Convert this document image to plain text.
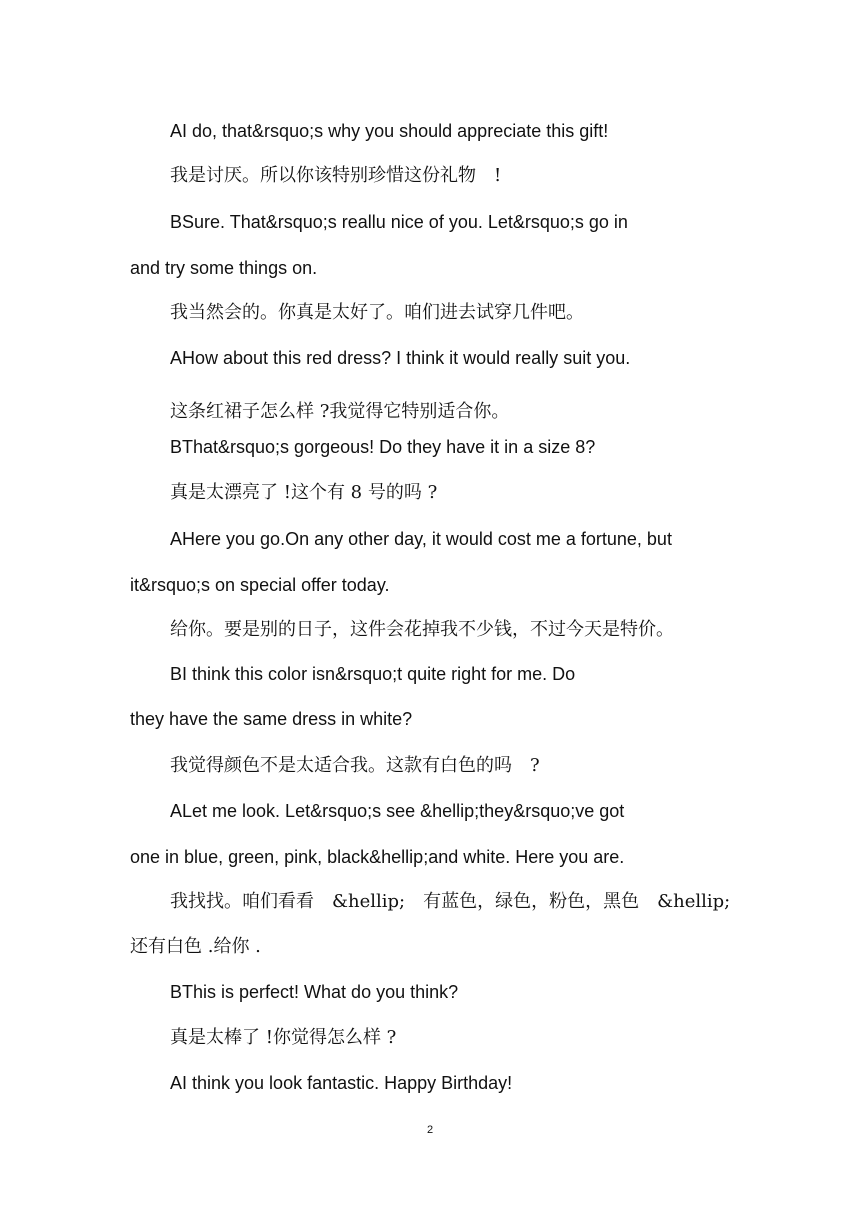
AI do, that&rsquo;s why you should appreciate this gift!
我是讨厌。所以你该特别珍惜这份礼物　!
BSure. That&rsquo;s reallu nice of you. Let&rsquo;s go in
and try some things on.
我当然会的。你真是太好了。咱们进去试穿几件吧。
AHow about this red dress? I think it would really suit you.
这条红裙子怎么样 ?我觉得它特别适合你。
BThat&rsquo;s gorgeous! Do they have it in a size 8?
真是太漂亮了 !这个有 8 号的吗 ?
AHere you go.On any other day, it would cost me a fortune, but
it&rsquo;s on special offer today.
给你。要是别的日子，这件会花掉我不少钱，不过今天是特价。
BI think this color isn&rsquo;t quite right for me. Do
they have the same dress in white?
我觉得颜色不是太适合我。这款有白色的吗　?
ALet me look. Let&rsquo;s see &hellip;they&rsquo;ve got
one in blue, green, pink, black&hellip;and white. Here you are.
我找找。咱们看看　&hellip;　有蓝色，绿色，粉色，黑色　&hellip;
还有白色 .给你 .
BThis is perfect! What do you think?
真是太棒了 !你觉得怎么样 ?
AI think you look fantastic. Happy Birthday!
2
